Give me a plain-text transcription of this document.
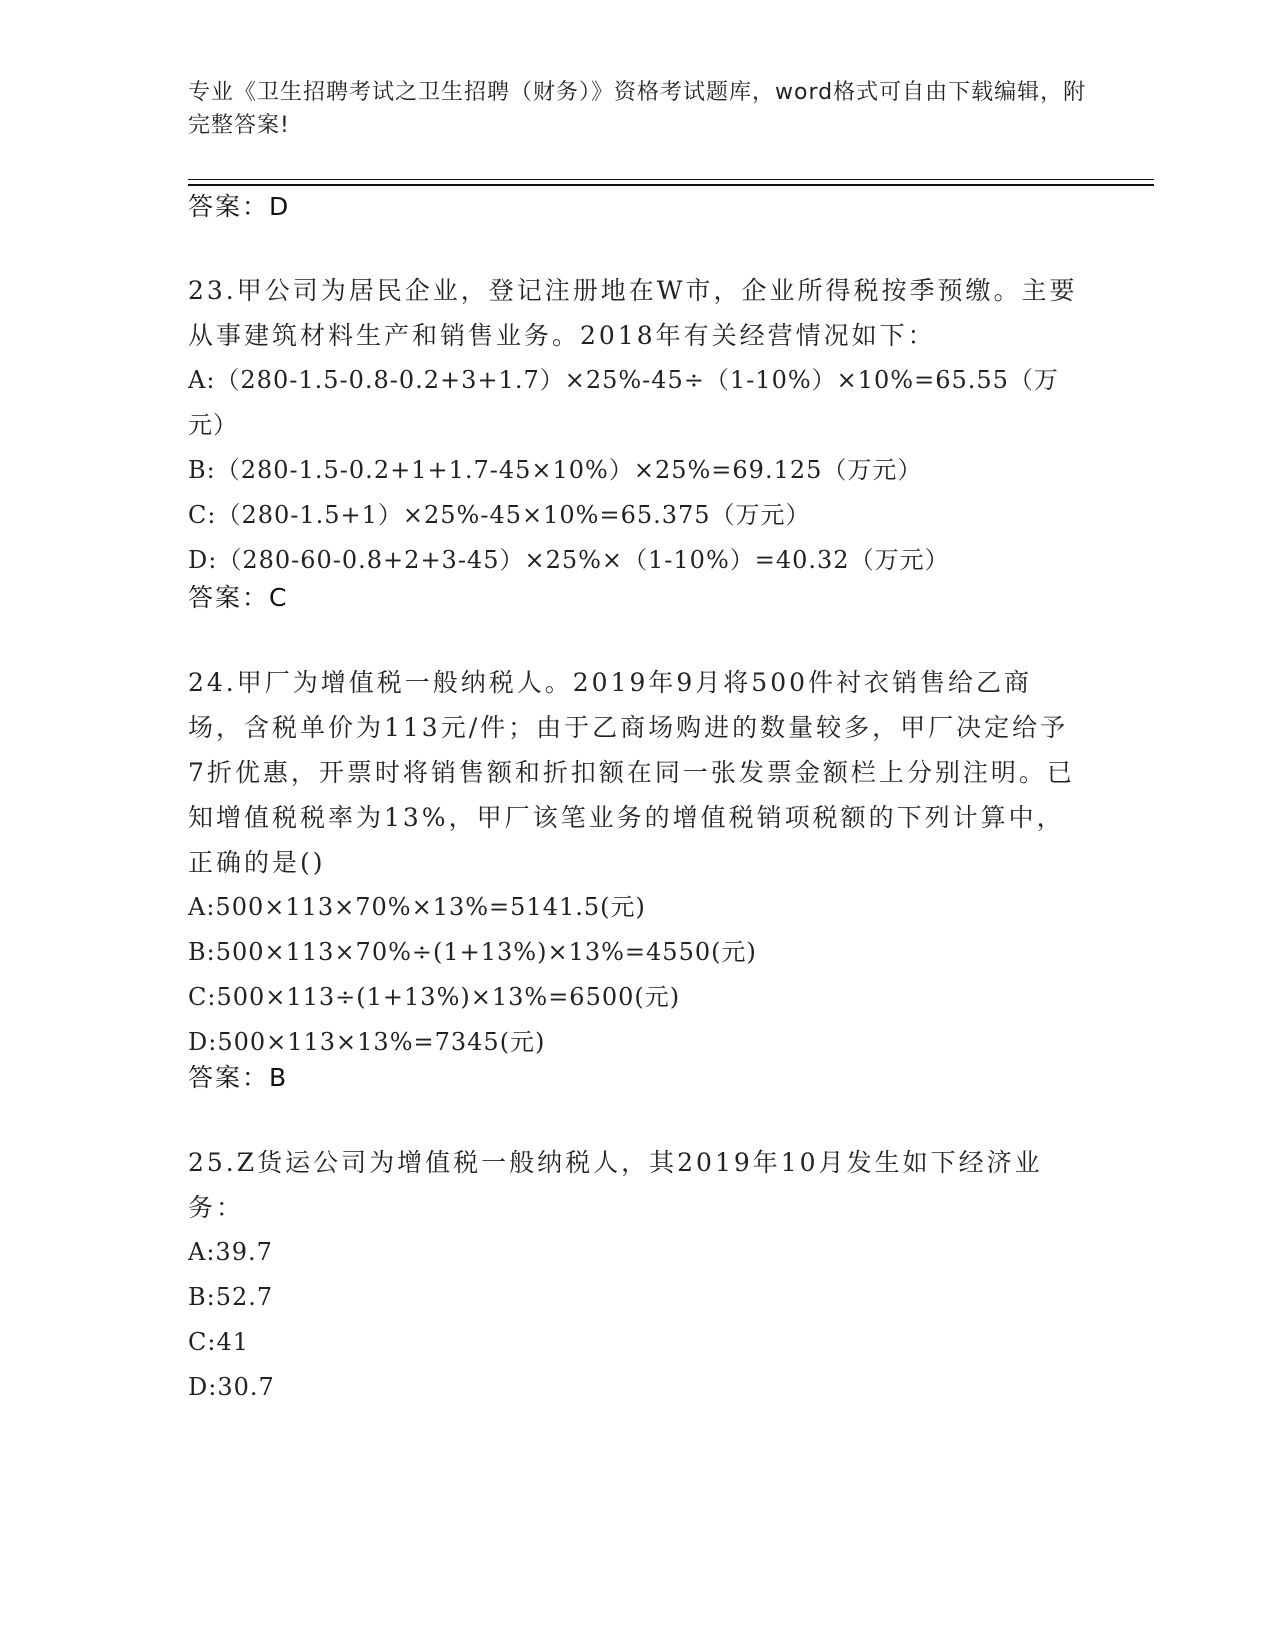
专业《卫生招聘考试之卫生招聘（财务）》资格考试题库，word格式可自由下载编辑，附完整答案!
答案：D
23.甲公司为居民企业，登记注册地在W市，企业所得税按季预缴。主要从事建筑材料生产和销售业务。2018年有关经营情况如下：
A:（280-1.5-0.8-0.2+3+1.7）×25%-45÷（1-10%）×10%=65.55（万元）
B:（280-1.5-0.2+1+1.7-45×10%）×25%=69.125（万元）
C:（280-1.5+1）×25%-45×10%=65.375（万元）
D:（280-60-0.8+2+3-45）×25%×（1-10%）=40.32（万元）
答案：C
24.甲厂为增值税一般纳税人。2019年9月将500件衬衣销售给乙商场，含税单价为113元/件；由于乙商场购进的数量较多，甲厂决定给予7折优惠，开票时将销售额和折扣额在同一张发票金额栏上分别注明。已知增值税税率为13%，甲厂该笔业务的增值税销项税额的下列计算中，正确的是()
A:500×113×70%×13%=5141.5(元)
B:500×113×70%÷(1+13%)×13%=4550(元)
C:500×113÷(1+13%)×13%=6500(元)
D:500×113×13%=7345(元)
答案：B
25.Z货运公司为增值税一般纳税人，其2019年10月发生如下经济业务：
A:39.7
B:52.7
C:41
D:30.7
